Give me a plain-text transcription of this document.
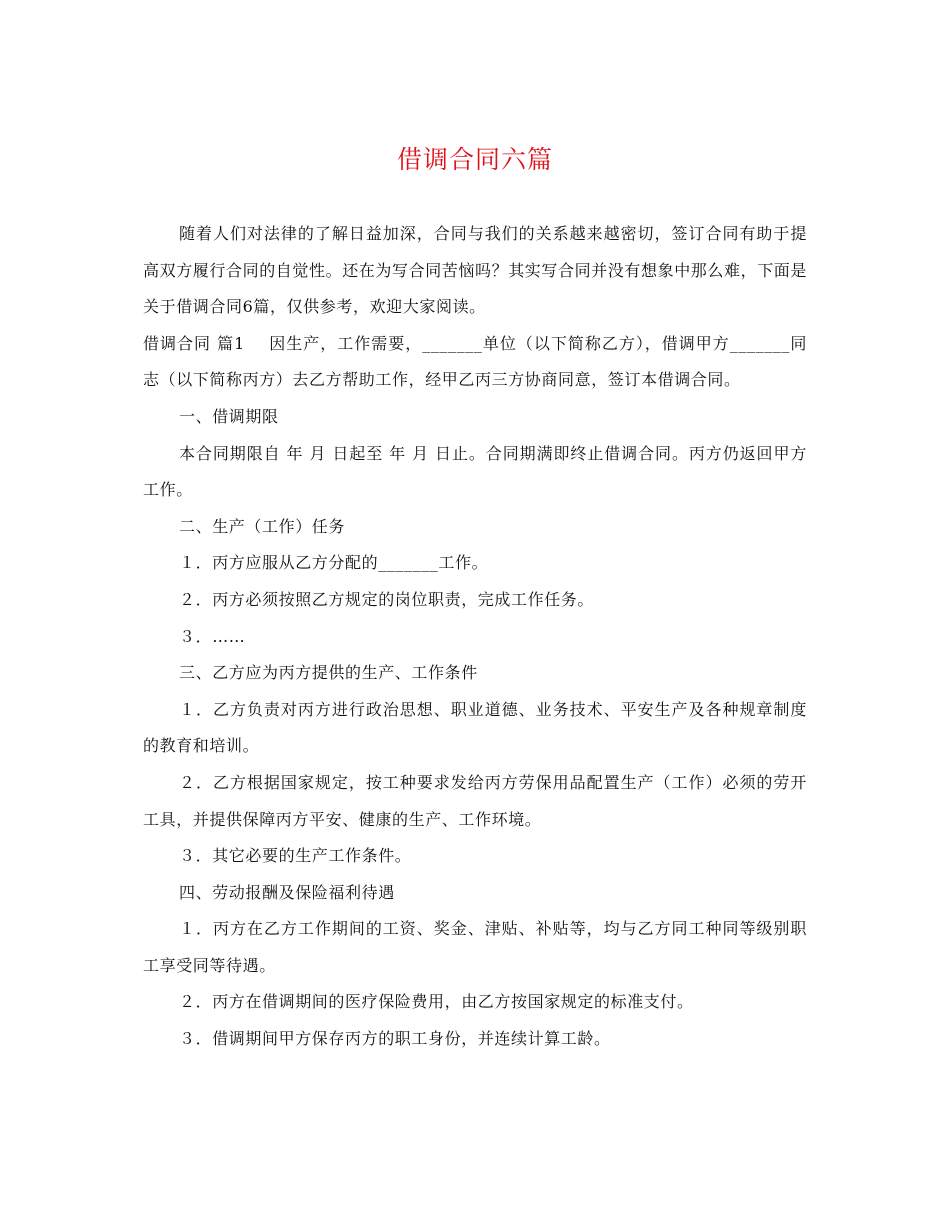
借调合同六篇

随着人们对法律的了解日益加深，合同与我们的关系越来越密切，签订合同有助于提高双方履行合同的自觉性。还在为写合同苦恼吗？其实写合同并没有想象中那么难，下面是关于借调合同6篇，仅供参考，欢迎大家阅读。

借调合同 篇1 因生产，工作需要，_______单位（以下简称乙方），借调甲方_______同志（以下简称丙方）去乙方帮助工作，经甲乙丙三方协商同意，签订本借调合同。

一、借调期限

本合同期限自 年 月 日起至 年 月 日止。合同期满即终止借调合同。丙方仍返回甲方工作。

二、生产（工作）任务

１．丙方应服从乙方分配的_______工作。

２．丙方必须按照乙方规定的岗位职责，完成工作任务。

３．……

三、乙方应为丙方提供的生产、工作条件

１．乙方负责对丙方进行政治思想、职业道德、业务技术、平安生产及各种规章制度的教育和培训。

２．乙方根据国家规定，按工种要求发给丙方劳保用品配置生产（工作）必须的劳开工具，并提供保障丙方平安、健康的生产、工作环境。

３．其它必要的生产工作条件。

四、劳动报酬及保险福利待遇

１．丙方在乙方工作期间的工资、奖金、津贴、补贴等，均与乙方同工种同等级别职工享受同等待遇。

２．丙方在借调期间的医疗保险费用，由乙方按国家规定的标准支付。

３．借调期间甲方保存丙方的职工身份，并连续计算工龄。
